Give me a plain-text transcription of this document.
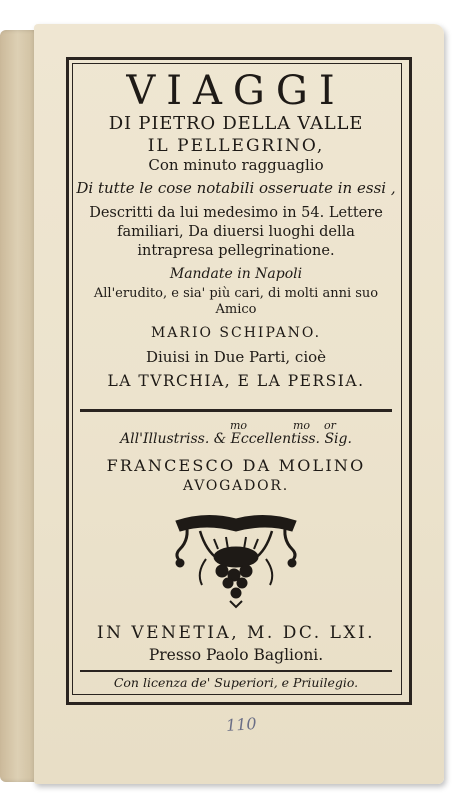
VIAGGI
DI PIETRO DELLA VALLE
IL PELLEGRINO,
Con minuto ragguaglio
Di tutte le cose notabili osseruate in essi ,
Descritti da lui medesimo in 54. Lettere familiari, Da diuersi luoghi della intrapresa pellegrinatione.
Mandate in Napoli
All'erudito, e sia' più cari, di molti anni suo Amico
MARIO SCHIPANO.
Diuisi in Due Parti, cioè
LA TVRCHIA, E LA PERSIA.
mo	mo or
All'Illustriss. & Eccellentiss. Sig.
FRANCESCO DA MOLINO
AVOGADOR.
IN VENETIA, M. DC. LXI.
Presso Paolo Baglioni.
Con licenza de' Superiori, e Priuilegio.
110
